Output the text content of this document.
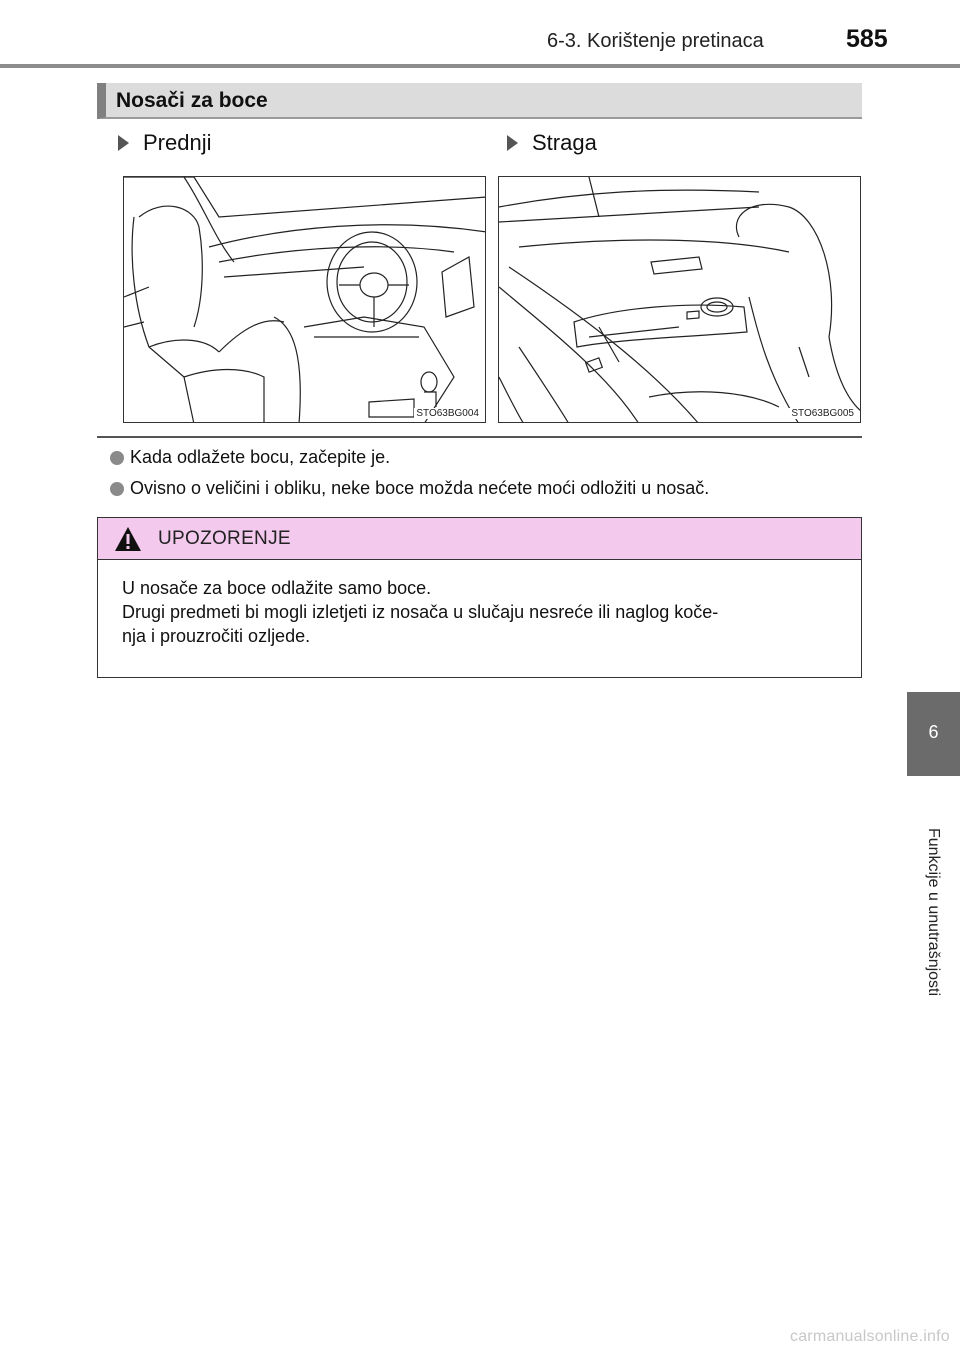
6-3. Korištenje pretinaca	585
6
Funkcije u unutrašnjosti
Nosači za boce
Prednji	Straga
STO63BG004	STO63BG005
Kada odlažete bocu, začepite je.
Ovisno o veličini i obliku, neke boce možda nećete moći odložiti u nosač.
UPOZORENJE

U nosače za boce odlažite samo boce.

Drugi predmeti bi mogli izletjeti iz nosača u slučaju nesreće ili naglog koče-

nja i prouzročiti ozljede.

carmanualsonline.info
